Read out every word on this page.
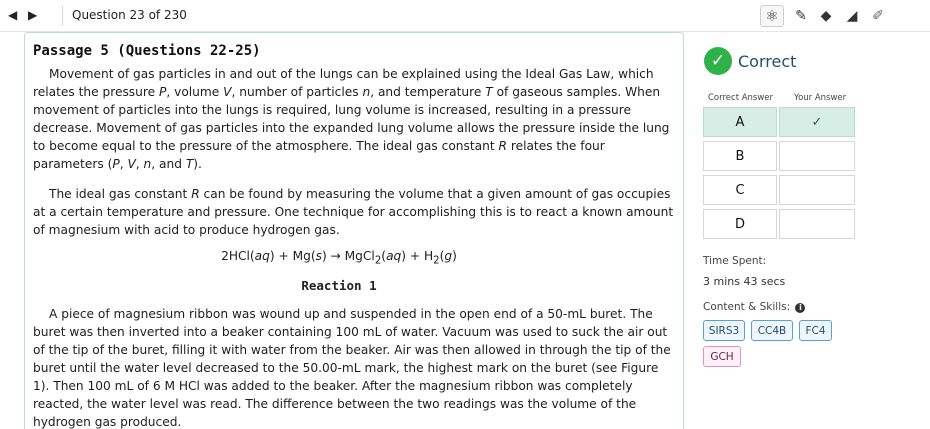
◀ ▶	Question 23 of 230	⚛	✎ ◆	◢	✐
Passage 5 (Questions 22-25)

Movement of gas particles in and out of the lungs can be explained using the Ideal Gas Law, which relates the pressure P, volume V, number of particles n, and temperature T of gaseous samples. When movement of particles into the lungs is required, lung volume is increased, resulting in a pressure decrease. Movement of gas particles into the expanded lung volume allows the pressure inside the lung to become equal to the pressure of the atmosphere. The ideal gas constant R relates the four parameters (P, V, n, and T).

The ideal gas constant R can be found by measuring the volume that a given amount of gas occupies at a certain temperature and pressure. One technique for accomplishing this is to react a known amount of magnesium with acid to produce hydrogen gas.

2HCl(aq) + Mg(s) → MgCl$_2$(aq) + $H_2(g)$
Reaction 1

A piece of magnesium ribbon was wound up and suspended in the open end of a 50-mL buret. The buret was then inverted into a beaker containing 100 mL of water. Vacuum was used to suck the air out of the tip of the buret, filling it with water from the beaker. Air was then allowed in through the tip of the buret until the water level decreased to the 50.00-mL mark, the highest mark on the buret (see Figure 1). Then 100 mL of 6 M HCl was added to the beaker. After the magnesium ribbon was completely reacted, the water level was read. The difference between the two readings was the volume of the hydrogen gas produced.

✓ Correct
Correct Answer Your Answer
A	✓
B
C
D
Time Spent:
3 mins 43 secs
Content & Skills: i
SIRS3	CC4B	FC4
GCH
